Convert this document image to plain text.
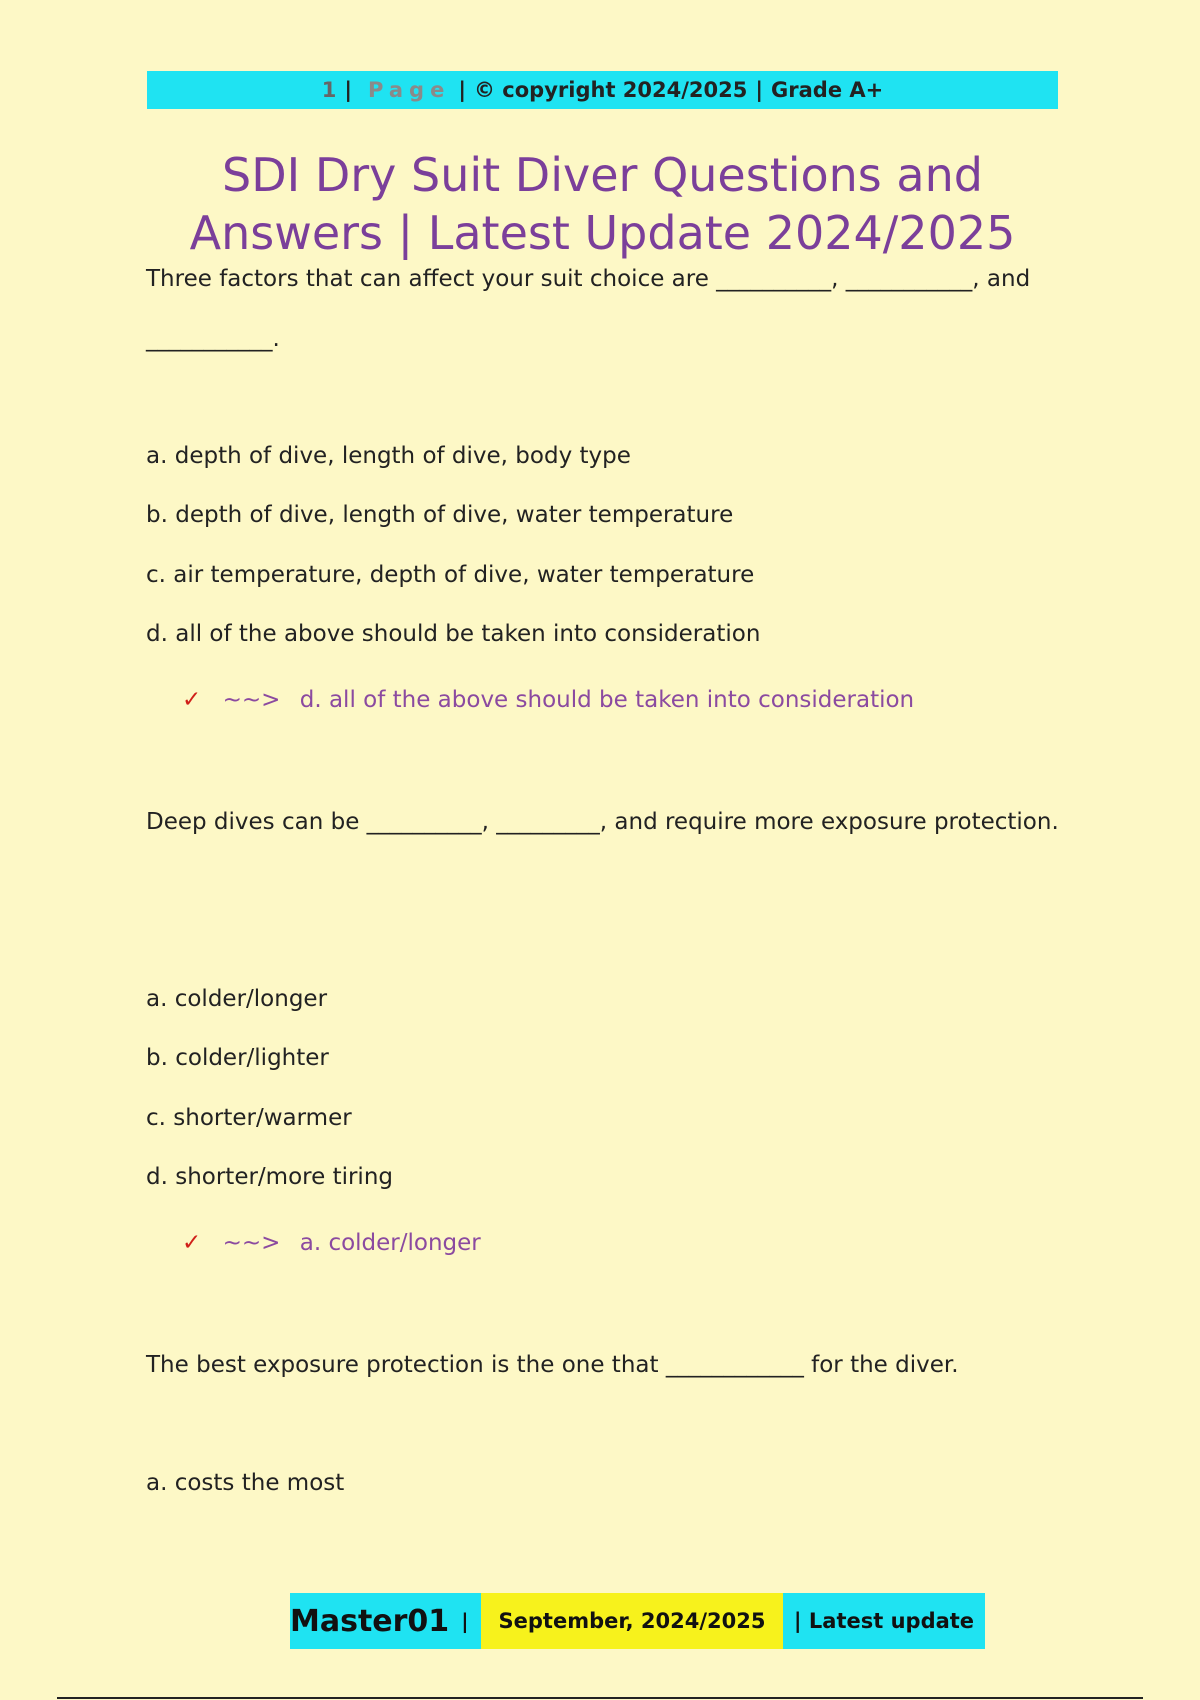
1 | Page | © copyright 2024/2025 | Grade A+
SDI Dry Suit Diver Questions and Answers | Latest Update 2024/2025
Three factors that can affect your suit choice are __________, ___________, and ___________.
a. depth of dive, length of dive, body type
b. depth of dive, length of dive, water temperature
c. air temperature, depth of dive, water temperature
d. all of the above should be taken into consideration
✓ ~~> d. all of the above should be taken into consideration
Deep dives can be __________, _________, and require more exposure protection.
a. colder/longer
b. colder/lighter
c. shorter/warmer
d. shorter/more tiring
✓ ~~> a. colder/longer
The best exposure protection is the one that ____________ for the diver.
a. costs the most
Master01 | September, 2024/2025 | Latest update
